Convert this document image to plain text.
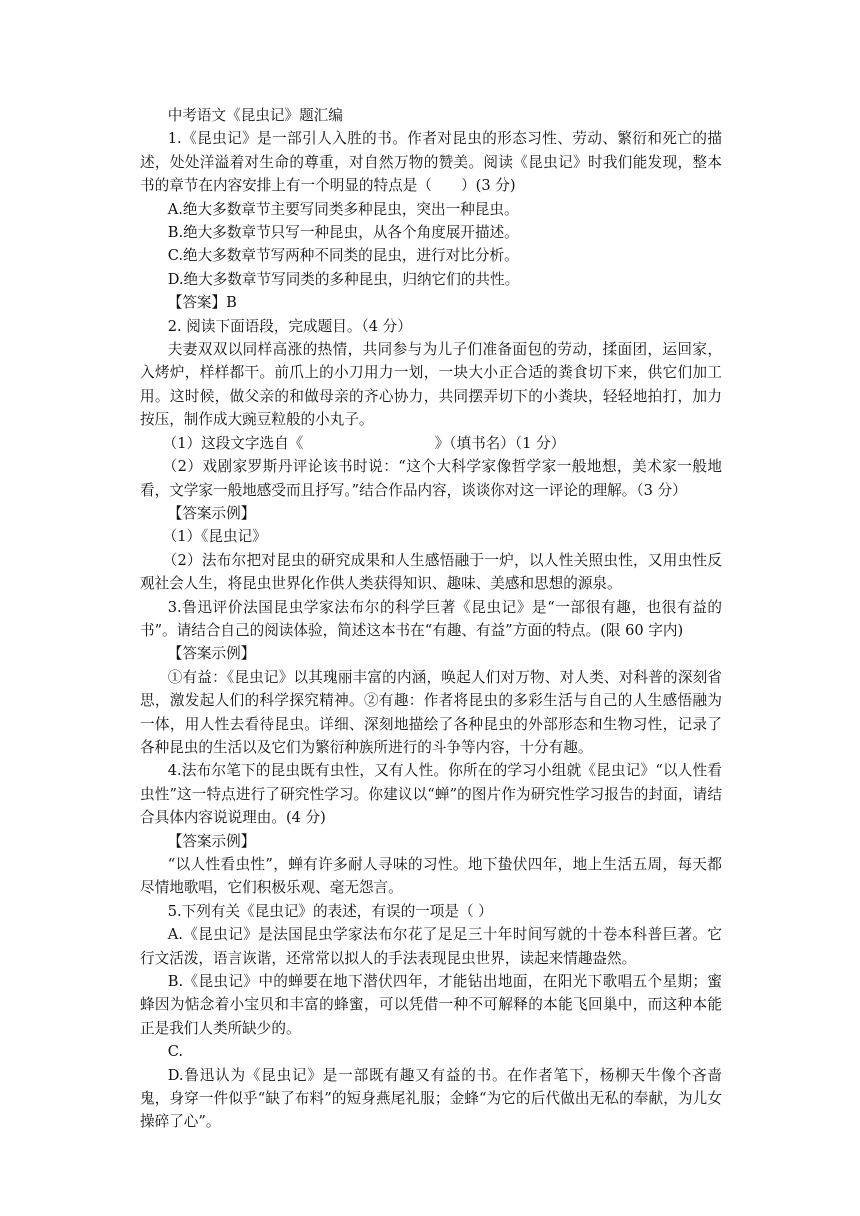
中考语文《昆虫记》题汇编

1.《昆虫记》是一部引人入胜的书。作者对昆虫的形态习性、劳动、繁衍和死亡的描述，处处洋溢着对生命的尊重，对自然万物的赞美。阅读《昆虫记》时我们能发现，整本书的章节在内容安排上有一个明显的特点是（　　）(3 分)

A.绝大多数章节主要写同类多种昆虫，突出一种昆虫。

B.绝大多数章节只写一种昆虫，从各个角度展开描述。

C.绝大多数章节写两种不同类的昆虫，进行对比分析。

D.绝大多数章节写同类的多种昆虫，归纳它们的共性。

【答案】B

2. 阅读下面语段，完成题目。（4 分）

夫妻双双以同样高涨的热情，共同参与为儿子们准备面包的劳动，揉面团，运回家，入烤炉，样样都干。前爪上的小刀用力一划，一块大小正合适的粪食切下来，供它们加工用。这时候，做父亲的和做母亲的齐心协力，共同摆弄切下的小粪块，轻轻地拍打，加力按压，制作成大豌豆粒般的小丸子。

（1）这段文字选自《　　　　　　　　　》（填书名）（1 分）

（2）戏剧家罗斯丹评论该书时说：“这个大科学家像哲学家一般地想，美术家一般地看，文学家一般地感受而且抒写。”结合作品内容，谈谈你对这一评论的理解。（3 分）

【答案示例】

（1）《昆虫记》

（2）法布尔把对昆虫的研究成果和人生感悟融于一炉，以人性关照虫性，又用虫性反观社会人生，将昆虫世界化作供人类获得知识、趣味、美感和思想的源泉。

3.鲁迅评价法国昆虫学家法布尔的科学巨著《昆虫记》是“一部很有趣，也很有益的书”。请结合自己的阅读体验，简述这本书在“有趣、有益”方面的特点。(限 60 字内)

【答案示例】

①有益：《昆虫记》以其瑰丽丰富的内涵，唤起人们对万物、对人类、对科普的深刻省思，激发起人们的科学探究精神。②有趣：作者将昆虫的多彩生活与自己的人生感悟融为一体，用人性去看待昆虫。详细、深刻地描绘了各种昆虫的外部形态和生物习性，记录了各种昆虫的生活以及它们为繁衍种族所进行的斗争等内容，十分有趣。

4.法布尔笔下的昆虫既有虫性，又有人性。你所在的学习小组就《昆虫记》“以人性看虫性”这一特点进行了研究性学习。你建议以“蝉”的图片作为研究性学习报告的封面，请结合具体内容说说理由。(4 分)

【答案示例】

“以人性看虫性”，蝉有许多耐人寻味的习性。地下蛰伏四年，地上生活五周，每天都尽情地歌唱，它们积极乐观、毫无怨言。

5.下列有关《昆虫记》的表述，有误的一项是（ ）

A.《昆虫记》是法国昆虫学家法布尔花了足足三十年时间写就的十卷本科普巨著。它行文活泼，语言诙谐，还常常以拟人的手法表现昆虫世界，读起来情趣盎然。

B.《昆虫记》中的蝉要在地下潜伏四年，才能钻出地面，在阳光下歌唱五个星期；蜜蜂因为惦念着小宝贝和丰富的蜂蜜，可以凭借一种不可解释的本能飞回巢中，而这种本能正是我们人类所缺少的。

C.

D.鲁迅认为《昆虫记》是一部既有趣又有益的书。在作者笔下，杨柳天牛像个吝啬鬼，身穿一件似乎“缺了布料”的短身燕尾礼服；金蜂“为它的后代做出无私的奉献，为儿女操碎了心”。
